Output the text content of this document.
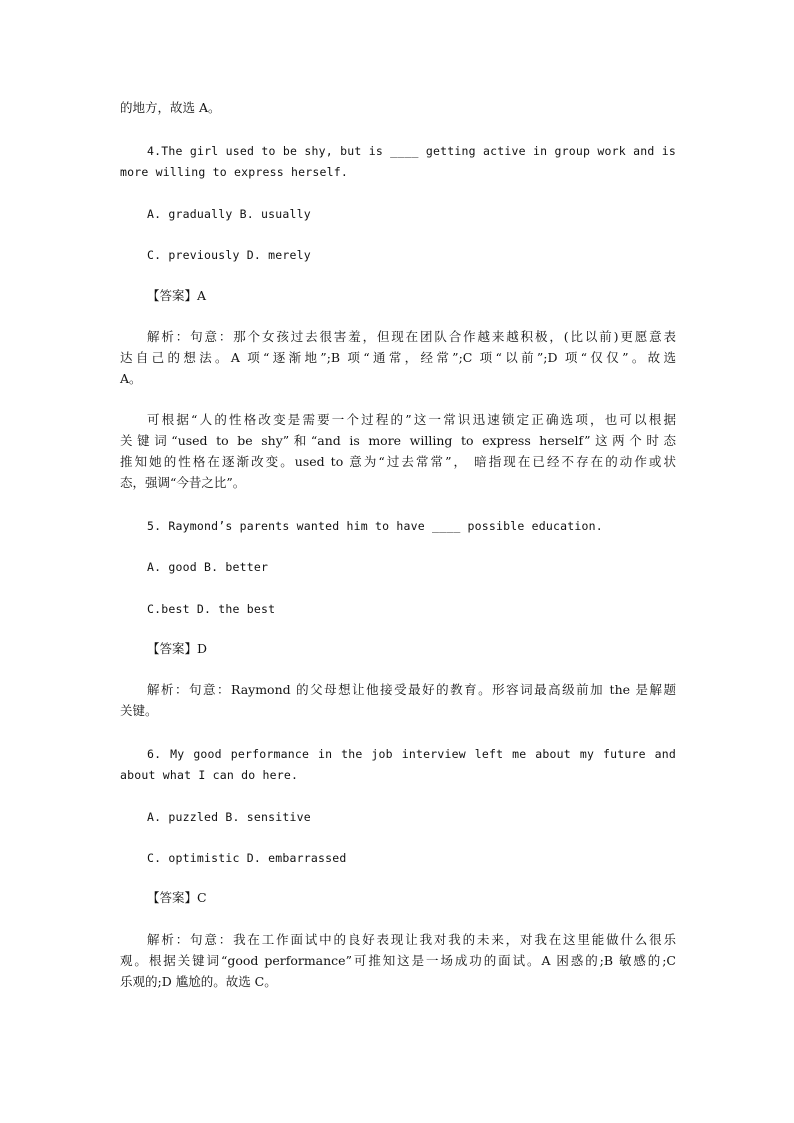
的地方，故选 A。
4.The girl used to be shy, but is ____ getting active in group work and is
more willing to express herself.
A. gradually B. usually
C. previously D. merely
【答案】A
解析：句意：那个女孩过去很害羞，但现在团队合作越来越积极，(比以前)更愿意表
达自己的想法。A 项“逐渐地”;B 项“通常，经常”;C 项“以前”;D 项“仅仅”。故选
A。
可根据“人的性格改变是需要一个过程的”这一常识迅速锁定正确选项，也可以根据
关键词“used to be shy”和“and is more willing to express herself”这两个时态
推知她的性格在逐渐改变。used to 意为“过去常常”， 暗指现在已经不存在的动作或状
态，强调“今昔之比”。
5. Raymond’s parents wanted him to have ____ possible education.
A. good B. better
C.best D. the best
【答案】D
解析：句意：Raymond 的父母想让他接受最好的教育。形容词最高级前加 the 是解题
关键。
6. My good performance in the job interview left me about my future and
about what I can do here.
A. puzzled B. sensitive
C. optimistic D. embarrassed
【答案】C
解析：句意：我在工作面试中的良好表现让我对我的未来，对我在这里能做什么很乐
观。根据关键词“good performance”可推知这是一场成功的面试。A 困惑的;B 敏感的;C
乐观的;D 尴尬的。故选 C。
